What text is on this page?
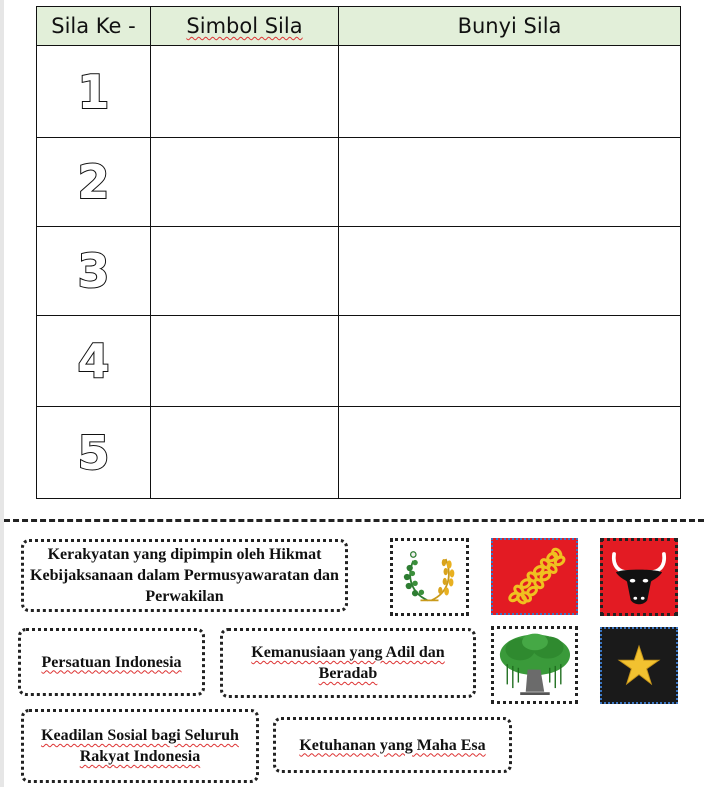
Sila Ke -	Simbol Sila	Bunyi Sila
1		
2		
3		
4		
5		
Kerakyatan yang dipimpin oleh Hikmat Kebijaksanaan dalam Permusyawaratan dan Perwakilan
Persatuan Indonesia
Kemanusiaan yang Adil dan Beradab
Keadilan Sosial bagi Seluruh Rakyat Indonesia
Ketuhanan yang Maha Esa
